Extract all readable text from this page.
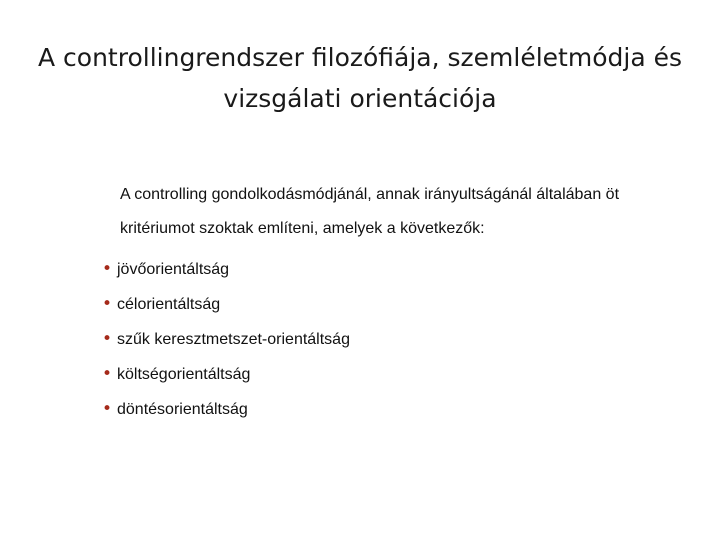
A controllingrendszer filozófiája, szemléletmódja és vizsgálati orientációja

A controlling gondolkodásmódjánál, annak irányultságánál általában öt
kritériumot szoktak említeni, amelyek a következők:

• jövőorientáltság
• célorientáltság
• szűk keresztmetszet-orientáltság
• költségorientáltság
• döntésorientáltság
